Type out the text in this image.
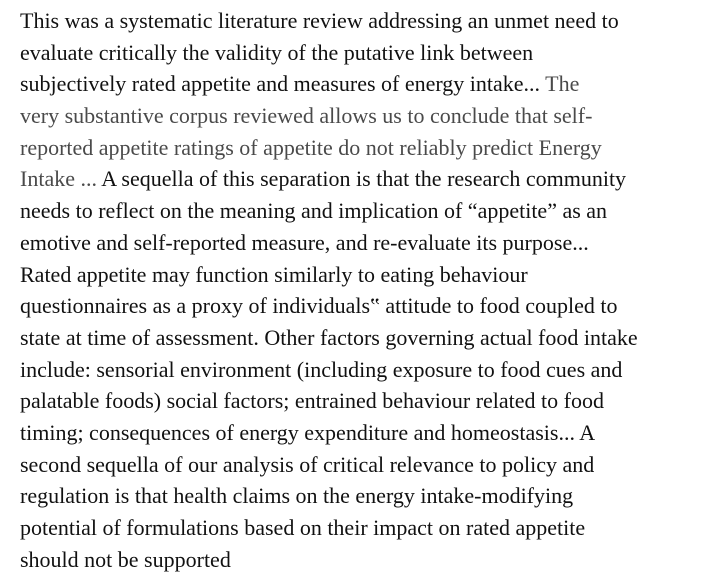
This was a systematic literature review addressing an unmet need to
evaluate critically the validity of the putative link between
subjectively rated appetite and measures of energy intake... The
very substantive corpus reviewed allows us to conclude that self-
reported appetite ratings of appetite do not reliably predict Energy
Intake ... A sequella of this separation is that the research community
needs to reflect on the meaning and implication of “appetite” as an
emotive and self-reported measure, and re-evaluate its purpose...
Rated appetite may function similarly to eating behaviour
questionnaires as a proxy of individuals‟ attitude to food coupled to
state at time of assessment. Other factors governing actual food intake
include: sensorial environment (including exposure to food cues and
palatable foods) social factors; entrained behaviour related to food
timing; consequences of energy expenditure and homeostasis... A
second sequella of our analysis of critical relevance to policy and
regulation is that health claims on the energy intake-modifying
potential of formulations based on their impact on rated appetite
should not be supported
